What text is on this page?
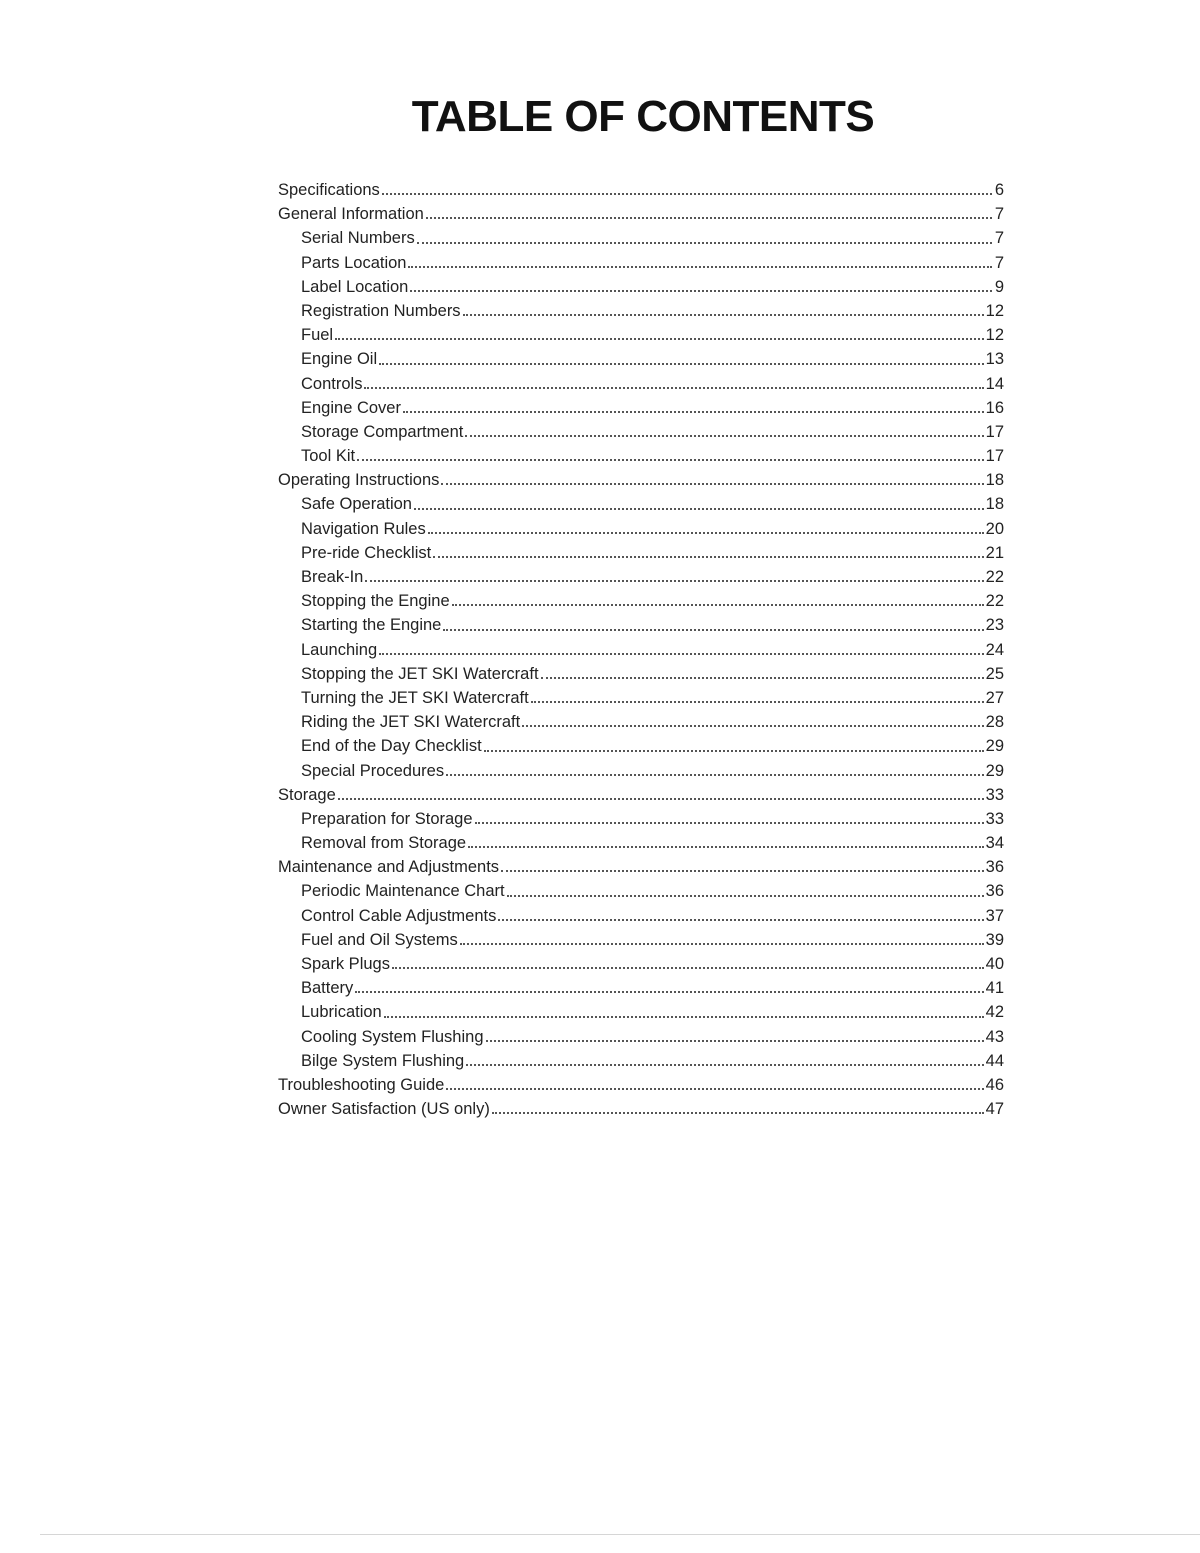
TABLE OF CONTENTS
Specifications	6
General Information	7
Serial Numbers	7
Parts Location	7
Label Location	9
Registration Numbers	12
Fuel	12
Engine Oil	13
Controls	14
Engine Cover	16
Storage Compartment	17
Tool Kit	17
Operating Instructions	18
Safe Operation	18
Navigation Rules	20
Pre-ride Checklist	21
Break-In	22
Stopping the Engine	22
Starting the Engine	23
Launching	24
Stopping the JET SKI Watercraft	25
Turning the JET SKI Watercraft	27
Riding the JET SKI Watercraft	28
End of the Day Checklist	29
Special Procedures	29
Storage	33
Preparation for Storage	33
Removal from Storage	34
Maintenance and Adjustments	36
Periodic Maintenance Chart	36
Control Cable Adjustments	37
Fuel and Oil Systems	39
Spark Plugs	40
Battery	41
Lubrication	42
Cooling System Flushing	43
Bilge System Flushing	44
Troubleshooting Guide	46
Owner Satisfaction (US only)	47
